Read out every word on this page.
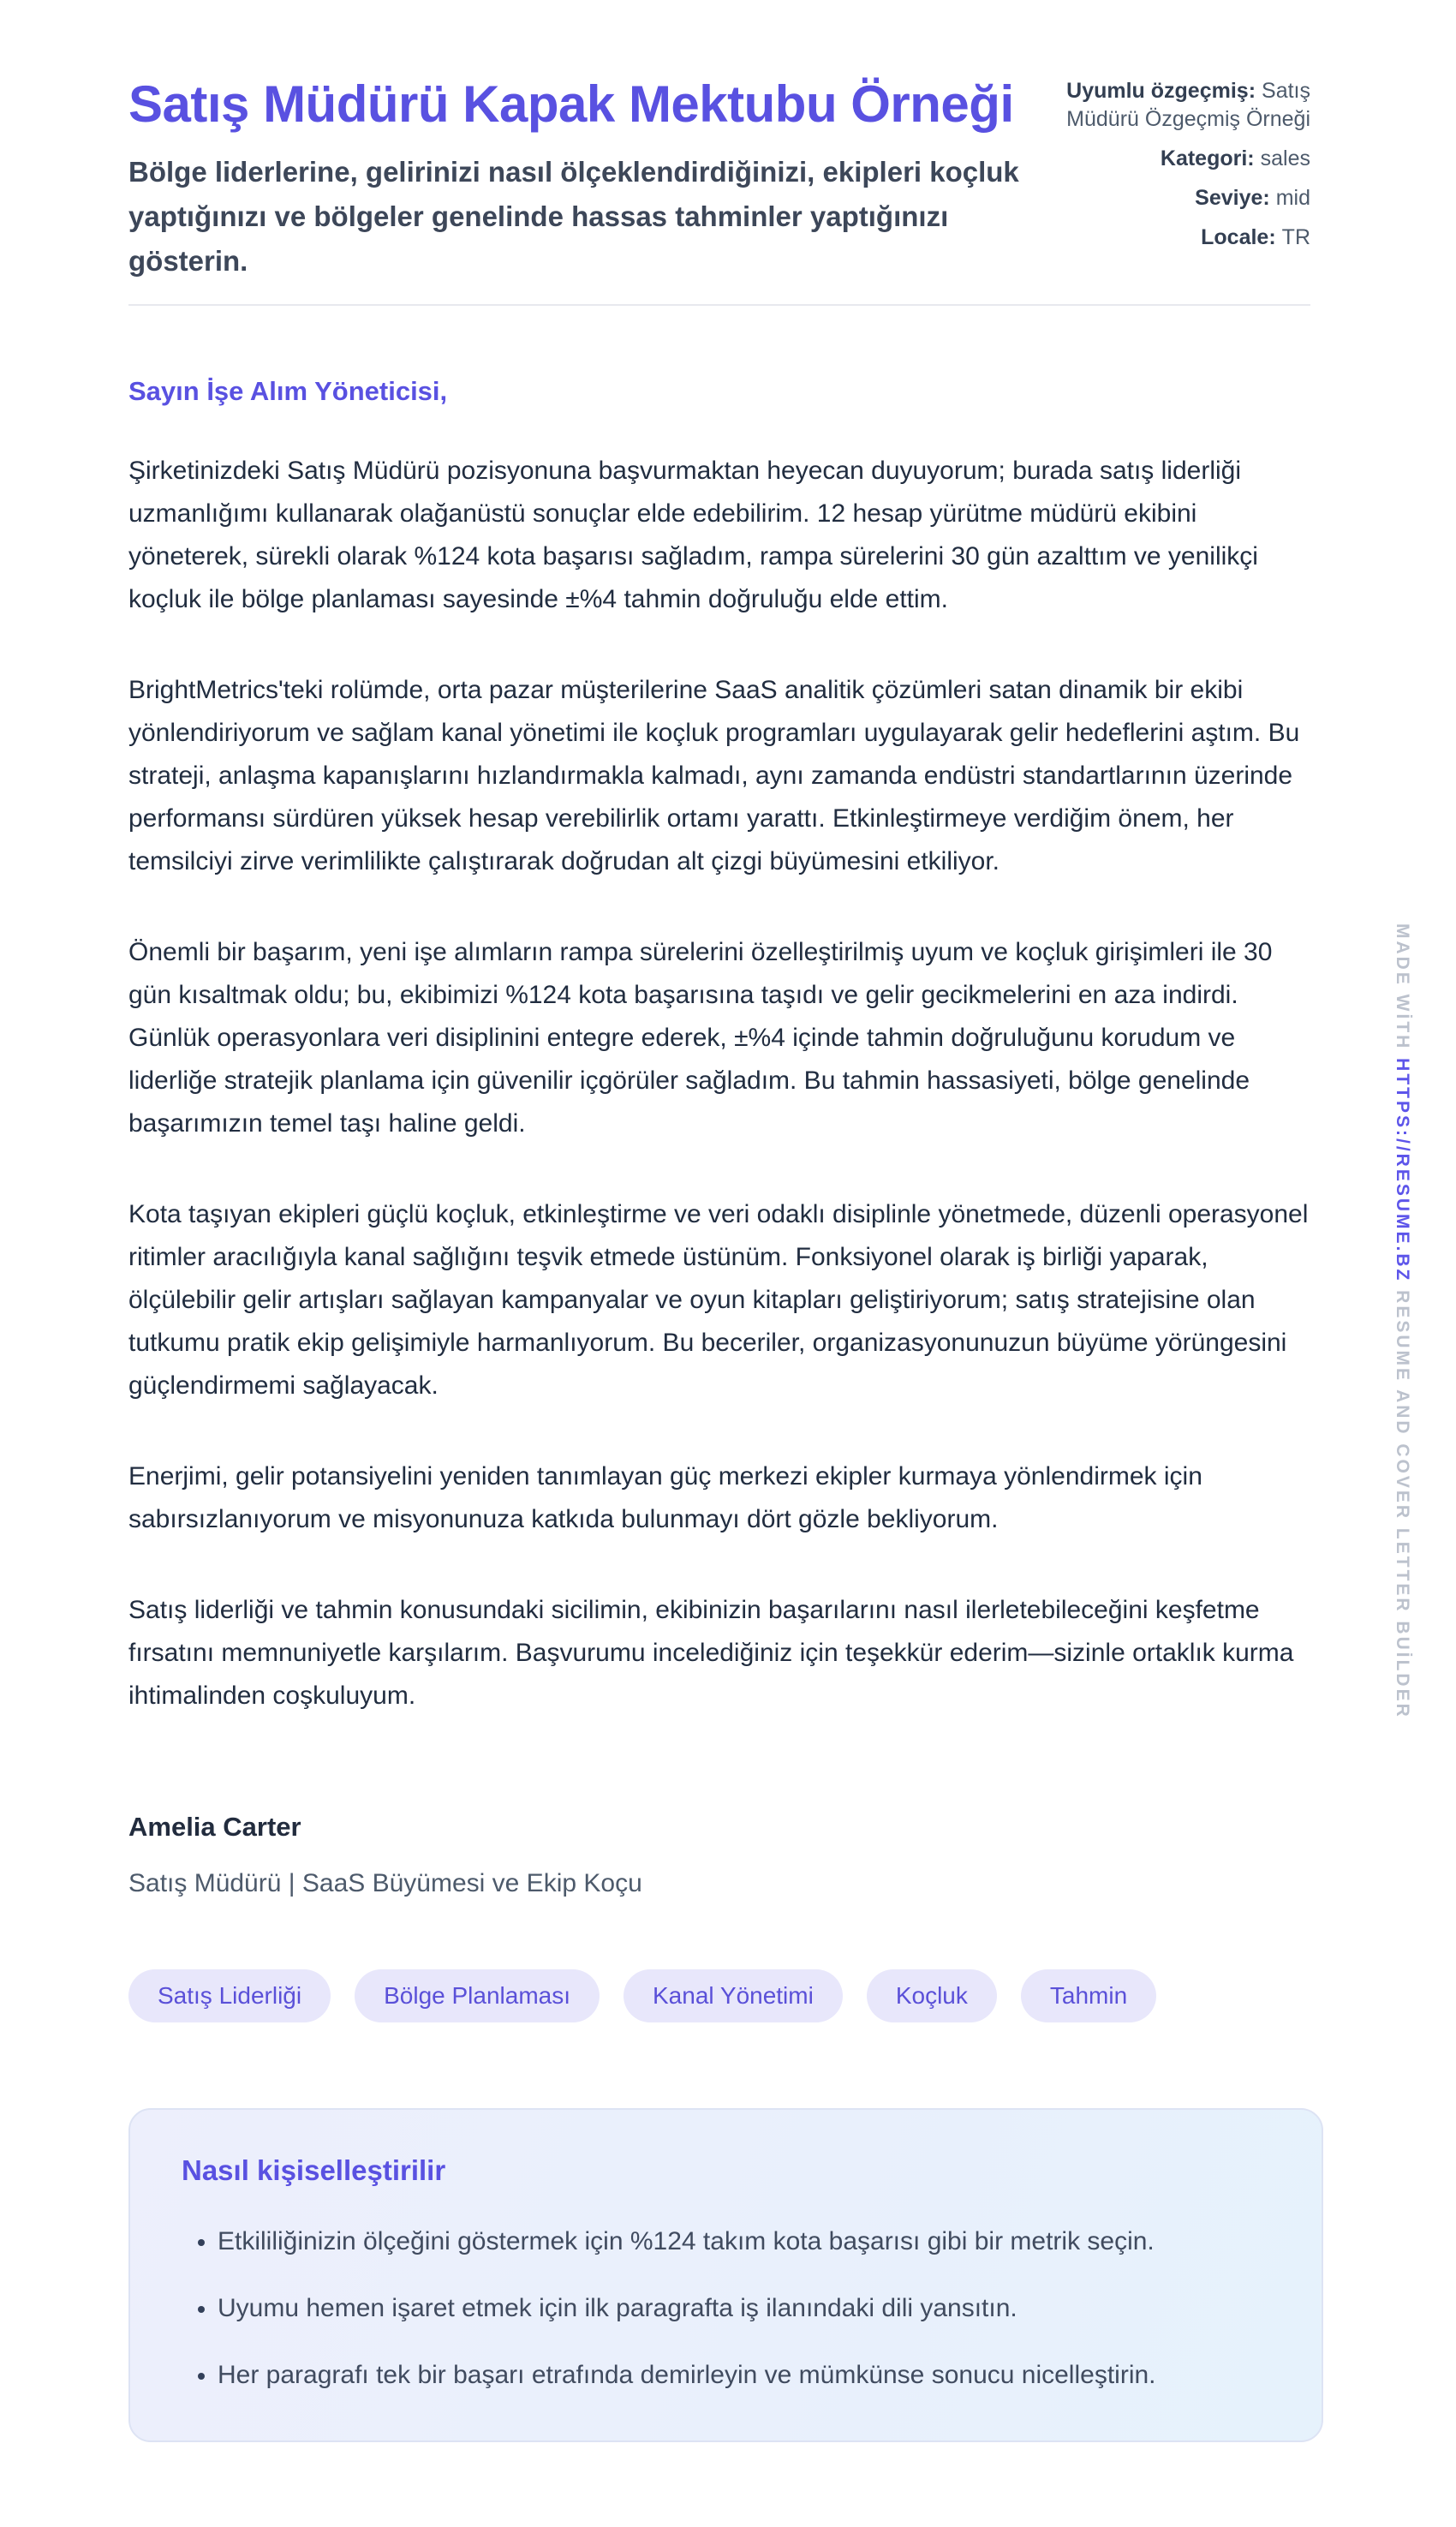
Satış Müdürü Kapak Mektubu Örneği
Bölge liderlerine, gelirinizi nasıl ölçeklendirdiğinizi, ekipleri koçluk yaptığınızı ve bölgeler genelinde hassas tahminler yaptığınızı gösterin.
Uyumlu özgeçmiş: Satış Müdürü Özgeçmiş Örneği
Kategori: sales
Seviye: mid
Locale: TR
Sayın İşe Alım Yöneticisi,

Şirketinizdeki Satış Müdürü pozisyonuna başvurmaktan heyecan duyuyorum; burada satış liderliği uzmanlığımı kullanarak olağanüstü sonuçlar elde edebilirim. 12 hesap yürütme müdürü ekibini yöneterek, sürekli olarak %124 kota başarısı sağladım, rampa sürelerini 30 gün azalttım ve yenilikçi koçluk ile bölge planlaması sayesinde ±%4 tahmin doğruluğu elde ettim.

BrightMetrics'teki rolümde, orta pazar müşterilerine SaaS analitik çözümleri satan dinamik bir ekibi yönlendiriyorum ve sağlam kanal yönetimi ile koçluk programları uygulayarak gelir hedeflerini aştım. Bu strateji, anlaşma kapanışlarını hızlandırmakla kalmadı, aynı zamanda endüstri standartlarının üzerinde performansı sürdüren yüksek hesap verebilirlik ortamı yarattı. Etkinleştirmeye verdiğim önem, her temsilciyi zirve verimlilikte çalıştırarak doğrudan alt çizgi büyümesini etkiliyor.

Önemli bir başarım, yeni işe alımların rampa sürelerini özelleştirilmiş uyum ve koçluk girişimleri ile 30 gün kısaltmak oldu; bu, ekibimizi %124 kota başarısına taşıdı ve gelir gecikmelerini en aza indirdi. Günlük operasyonlara veri disiplinini entegre ederek, ±%4 içinde tahmin doğruluğunu korudum ve liderliğe stratejik planlama için güvenilir içgörüler sağladım. Bu tahmin hassasiyeti, bölge genelinde başarımızın temel taşı haline geldi.

Kota taşıyan ekipleri güçlü koçluk, etkinleştirme ve veri odaklı disiplinle yönetmede, düzenli operasyonel ritimler aracılığıyla kanal sağlığını teşvik etmede üstünüm. Fonksiyonel olarak iş birliği yaparak, ölçülebilir gelir artışları sağlayan kampanyalar ve oyun kitapları geliştiriyorum; satış stratejisine olan tutkumu pratik ekip gelişimiyle harmanlıyorum. Bu beceriler, organizasyonunuzun büyüme yörüngesini güçlendirmemi sağlayacak.

Enerjimi, gelir potansiyelini yeniden tanımlayan güç merkezi ekipler kurmaya yönlendirmek için sabırsızlanıyorum ve misyonunuza katkıda bulunmayı dört gözle bekliyorum.

Satış liderliği ve tahmin konusundaki sicilimin, ekibinizin başarılarını nasıl ilerletebileceğini keşfetme fırsatını memnuniyetle karşılarım. Başvurumu incelediğiniz için teşekkür ederim—sizinle ortaklık kurma ihtimalinden coşkuluyum.

Amelia Carter
Satış Müdürü | SaaS Büyümesi ve Ekip Koçu
Satış Liderliği	Bölge Planlaması	Kanal Yönetimi	Koçluk	Tahmin
Nasıl kişiselleştirilir
• Etkililiğinizin ölçeğini göstermek için %124 takım kota başarısı gibi bir metrik seçin.
• Uyumu hemen işaret etmek için ilk paragrafta iş ilanındaki dili yansıtın.
• Her paragrafı tek bir başarı etrafında demirleyin ve mümkünse sonucu nicelleştirin.
MADE WİTH HTTPS://RESUME.BZ RESUME AND COVER LETTER BUİLDER
